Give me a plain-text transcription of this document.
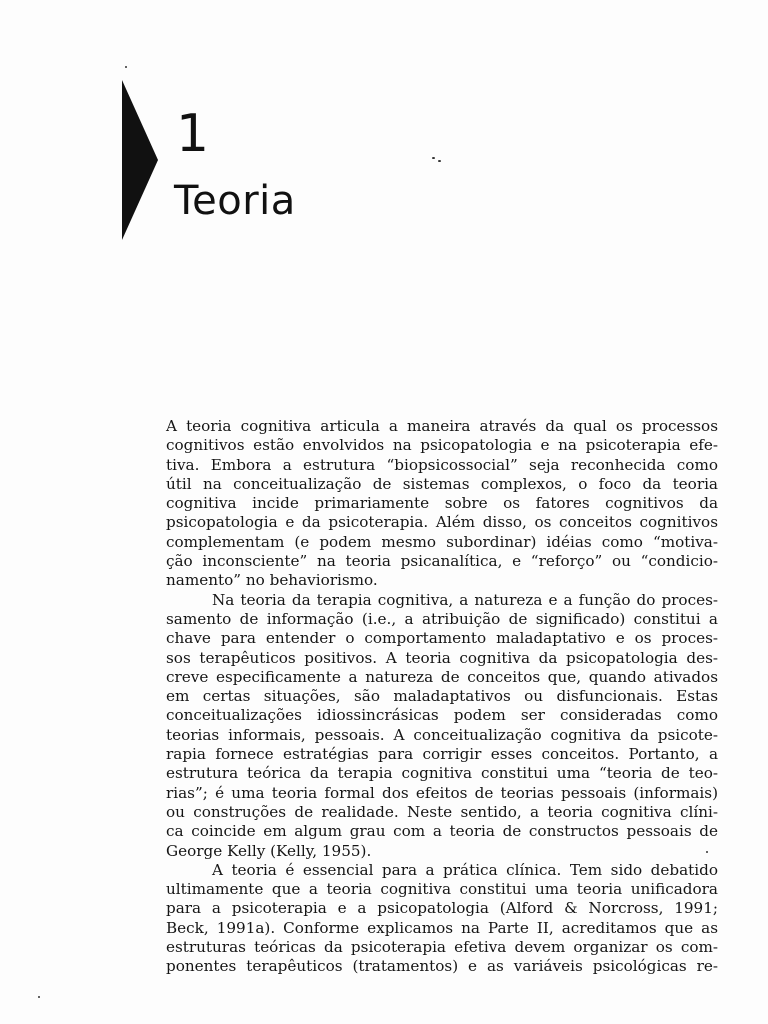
1
Teoria
A teoria cognitiva articula a maneira através da qual os processos
cognitivos estão envolvidos na psicopatologia e na psicoterapia efe-
tiva. Embora a estrutura “biopsicossocial” seja reconhecida como
útil na conceitualização de sistemas complexos, o foco da teoria
cognitiva incide primariamente sobre os fatores cognitivos da
psicopatologia e da psicoterapia. Além disso, os conceitos cognitivos
complementam (e podem mesmo subordinar) idéias como “motiva-
ção inconsciente” na teoria psicanalítica, e “reforço” ou “condicio-
namento” no behaviorismo.
Na teoria da terapia cognitiva, a natureza e a função do proces-
samento de informação (i.e., a atribuição de significado) constitui a
chave para entender o comportamento maladaptativo e os proces-
sos terapêuticos positivos. A teoria cognitiva da psicopatologia des-
creve especificamente a natureza de conceitos que, quando ativados
em certas situações, são maladaptativos ou disfuncionais. Estas
conceitualizações idiossincrásicas podem ser consideradas como
teorias informais, pessoais. A conceitualização cognitiva da psicote-
rapia fornece estratégias para corrigir esses conceitos. Portanto, a
estrutura teórica da terapia cognitiva constitui uma “teoria de teo-
rias”; é uma teoria formal dos efeitos de teorias pessoais (informais)
ou construções de realidade. Neste sentido, a teoria cognitiva clíni-
ca coincide em algum grau com a teoria de constructos pessoais de
George Kelly (Kelly, 1955).
A teoria é essencial para a prática clínica. Tem sido debatido
ultimamente que a teoria cognitiva constitui uma teoria unificadora
para a psicoterapia e a psicopatologia (Alford & Norcross, 1991;
Beck, 1991a). Conforme explicamos na Parte II, acreditamos que as
estruturas teóricas da psicoterapia efetiva devem organizar os com-
ponentes terapêuticos (tratamentos) e as variáveis psicológicas re-
